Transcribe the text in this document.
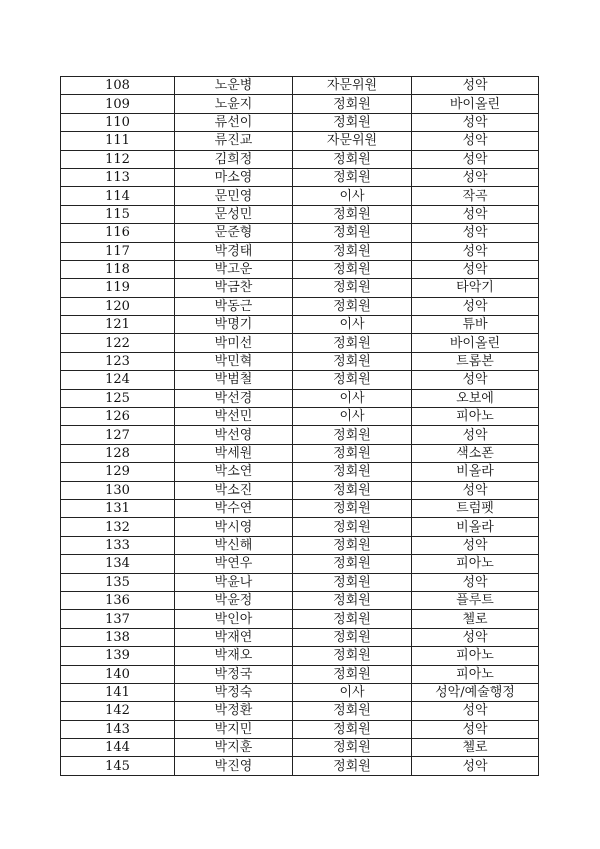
108	노운병	자문위원	성악
109	노윤지	정회원	바이올린
110	류선이	정회원	성악
111	류진교	자문위원	성악
112	김희정	정회원	성악
113	마소영	정회원	성악
114	문민영	이사	작곡
115	문성민	정회원	성악
116	문준형	정회원	성악
117	박경태	정회원	성악
118	박고운	정회원	성악
119	박금찬	정회원	타악기
120	박동근	정회원	성악
121	박명기	이사	튜바
122	박미선	정회원	바이올린
123	박민혁	정회원	트롬본
124	박범철	정회원	성악
125	박선경	이사	오보에
126	박선민	이사	피아노
127	박선영	정회원	성악
128	박세원	정회원	색소폰
129	박소연	정회원	비올라
130	박소진	정회원	성악
131	박수연	정회원	트럼펫
132	박시영	정회원	비올라
133	박신해	정회원	성악
134	박연우	정회원	피아노
135	박윤나	정회원	성악
136	박윤정	정회원	플루트
137	박인아	정회원	첼로
138	박재연	정회원	성악
139	박재오	정회원	피아노
140	박정국	정회원	피아노
141	박정숙	이사	성악/예술행정
142	박정환	정회원	성악
143	박지민	정회원	성악
144	박지훈	정회원	첼로
145	박진영	정회원	성악
